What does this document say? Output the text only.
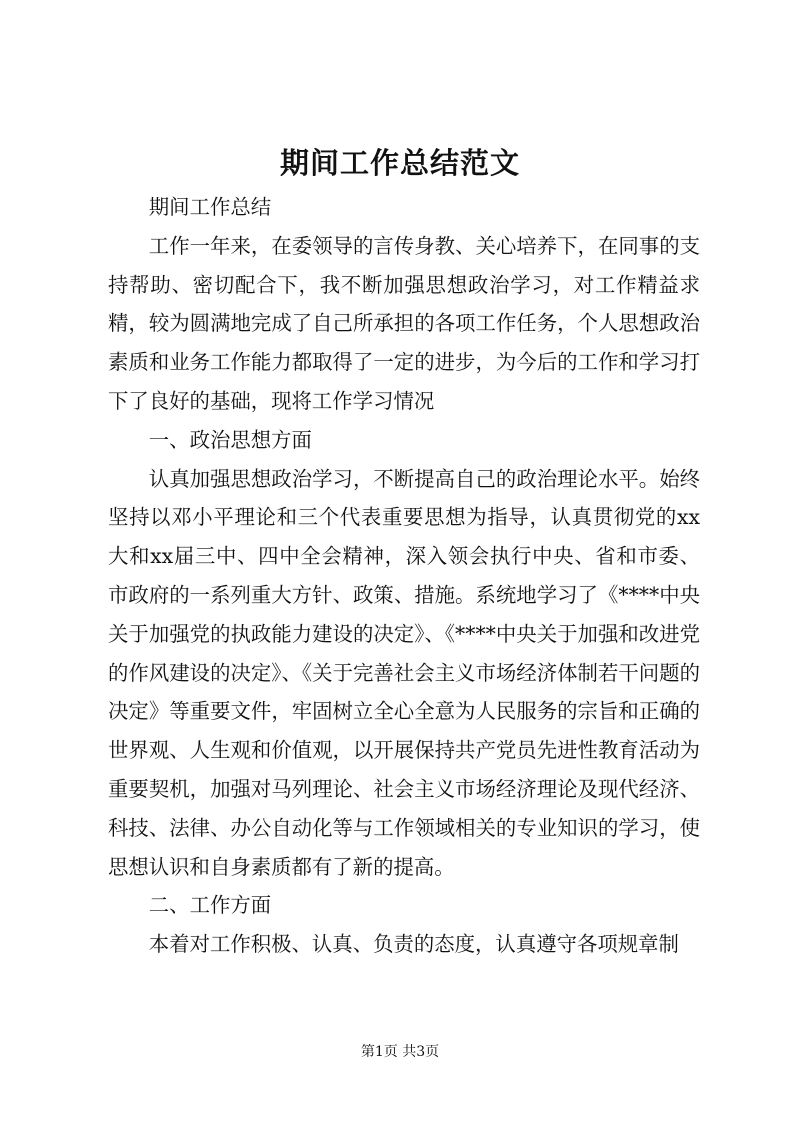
期间工作总结范文

期间工作总结

工作一年来，在委领导的言传身教、关心培养下，在同事的支持帮助、密切配合下，我不断加强思想政治学习，对工作精益求精，较为圆满地完成了自己所承担的各项工作任务，个人思想政治素质和业务工作能力都取得了一定的进步，为今后的工作和学习打下了良好的基础，现将工作学习情况

一、政治思想方面

认真加强思想政治学习，不断提高自己的政治理论水平。始终坚持以邓小平理论和三个代表重要思想为指导，认真贯彻党的xx大和xx届三中、四中全会精神，深入领会执行中央、省和市委、市政府的一系列重大方针、政策、措施。系统地学习了《****中央关于加强党的执政能力建设的决定》、《****中央关于加强和改进党的作风建设的决定》、《关于完善社会主义市场经济体制若干问题的决定》等重要文件，牢固树立全心全意为人民服务的宗旨和正确的世界观、人生观和价值观，以开展保持共产党员先进性教育活动为重要契机，加强对马列理论、社会主义市场经济理论及现代经济、科技、法律、办公自动化等与工作领域相关的专业知识的学习，使思想认识和自身素质都有了新的提高。

二、工作方面

本着对工作积极、认真、负责的态度，认真遵守各项规章制

第1页 共3页
